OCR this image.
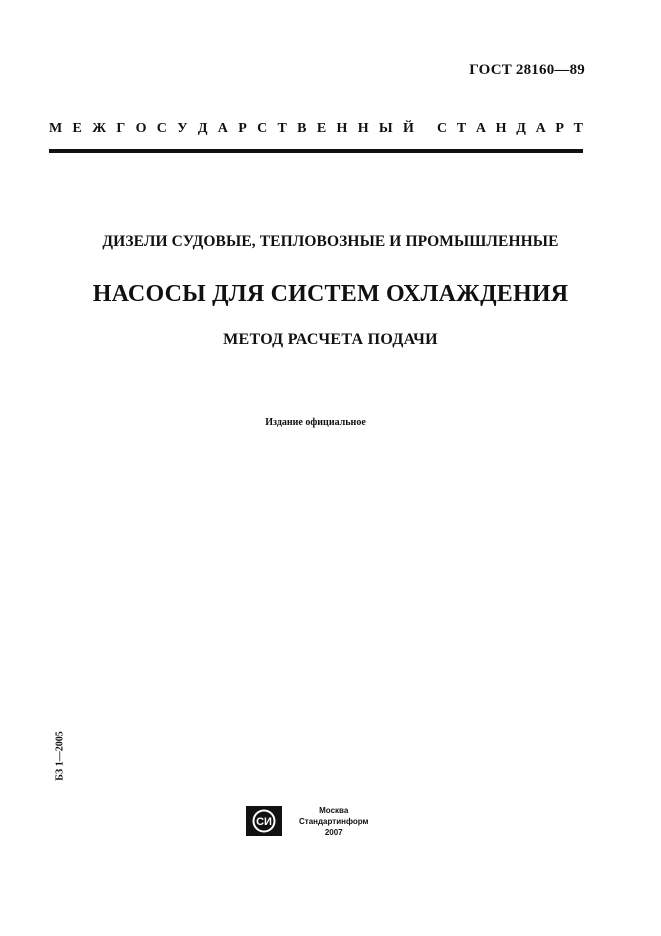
ГОСТ 28160—89
М Е Ж Г О С У Д А Р С Т В Е Н Н Ы Й С Т А Н Д А Р Т
ДИЗЕЛИ СУДОВЫЕ, ТЕПЛОВОЗНЫЕ И ПРОМЫШЛЕННЫЕ
НАСОСЫ ДЛЯ СИСТЕМ ОХЛАЖДЕНИЯ
МЕТОД РАСЧЕТА ПОДАЧИ
Издание официальное
БЗ 1—2005
СИ
Москва
Стандартинформ
2007
